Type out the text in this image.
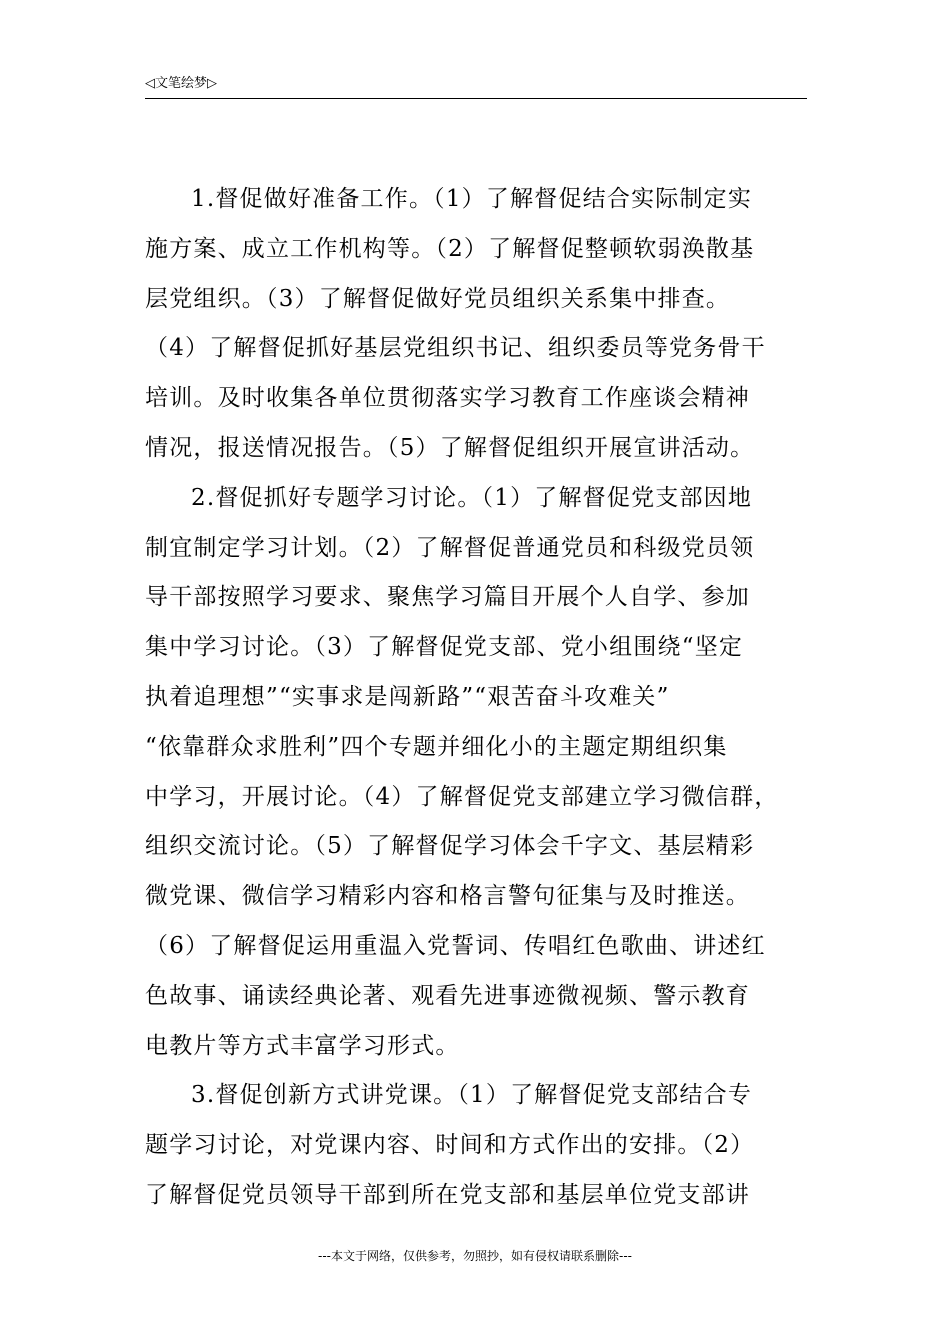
◁文笔绘梦▷
1.督促做好准备工作。（1）了解督促结合实际制定实
施方案、成立工作机构等。（2）了解督促整顿软弱涣散基
层党组织。（3）了解督促做好党员组织关系集中排查。
（4）了解督促抓好基层党组织书记、组织委员等党务骨干
培训。及时收集各单位贯彻落实学习教育工作座谈会精神
情况，报送情况报告。（5）了解督促组织开展宣讲活动。
2.督促抓好专题学习讨论。（1）了解督促党支部因地
制宜制定学习计划。（2）了解督促普通党员和科级党员领
导干部按照学习要求、聚焦学习篇目开展个人自学、参加
集中学习讨论。（3）了解督促党支部、党小组围绕“坚定
执着追理想”“实事求是闯新路”“艰苦奋斗攻难关”
“依靠群众求胜利”四个专题并细化小的主题定期组织集
中学习，开展讨论。（4）了解督促党支部建立学习微信群，
组织交流讨论。（5）了解督促学习体会千字文、基层精彩
微党课、微信学习精彩内容和格言警句征集与及时推送。
（6）了解督促运用重温入党誓词、传唱红色歌曲、讲述红
色故事、诵读经典论著、观看先进事迹微视频、警示教育
电教片等方式丰富学习形式。
3.督促创新方式讲党课。（1）了解督促党支部结合专
题学习讨论，对党课内容、时间和方式作出的安排。（2）
了解督促党员领导干部到所在党支部和基层单位党支部讲
---本文于网络，仅供参考，勿照抄，如有侵权请联系删除---
